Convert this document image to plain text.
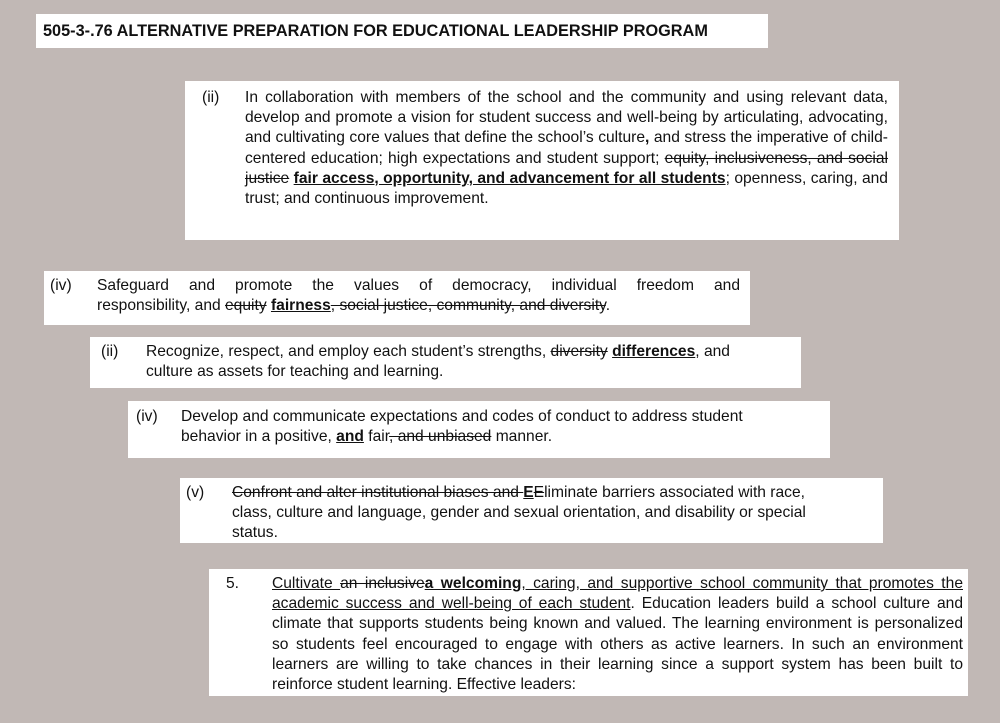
505-3-.76 ALTERNATIVE PREPARATION FOR EDUCATIONAL LEADERSHIP PROGRAM
(ii) In collaboration with members of the school and the community and using relevant data, develop and promote a vision for student success and well-being by articulating, advocating, and cultivating core values that define the school’s culture, and stress the imperative of child-centered education; high expectations and student support; equity, inclusiveness, and social justice fair access, opportunity, and advancement for all students; openness, caring, and trust; and continuous improvement.
(iv) Safeguard and promote the values of democracy, individual freedom and
responsibility, and equity fairness, social justice, community, and diversity.
(ii) Recognize, respect, and employ each student’s strengths, diversity differences, and
culture as assets for teaching and learning.
(iv) Develop and communicate expectations and codes of conduct to address student
behavior in a positive, and fair, and unbiased manner.
(v) Confront and alter institutional biases and EEliminate barriers associated with race,
class, culture and language, gender and sexual orientation, and disability or special
status.
5. Cultivate an inclusivea welcoming, caring, and supportive school community that promotes the academic success and well-being of each student. Education leaders build a school culture and climate that supports students being known and valued. The learning environment is personalized so students feel encouraged to engage with others as active learners. In such an environment learners are willing to take chances in their learning since a support system has been built to reinforce student learning. Effective leaders:
